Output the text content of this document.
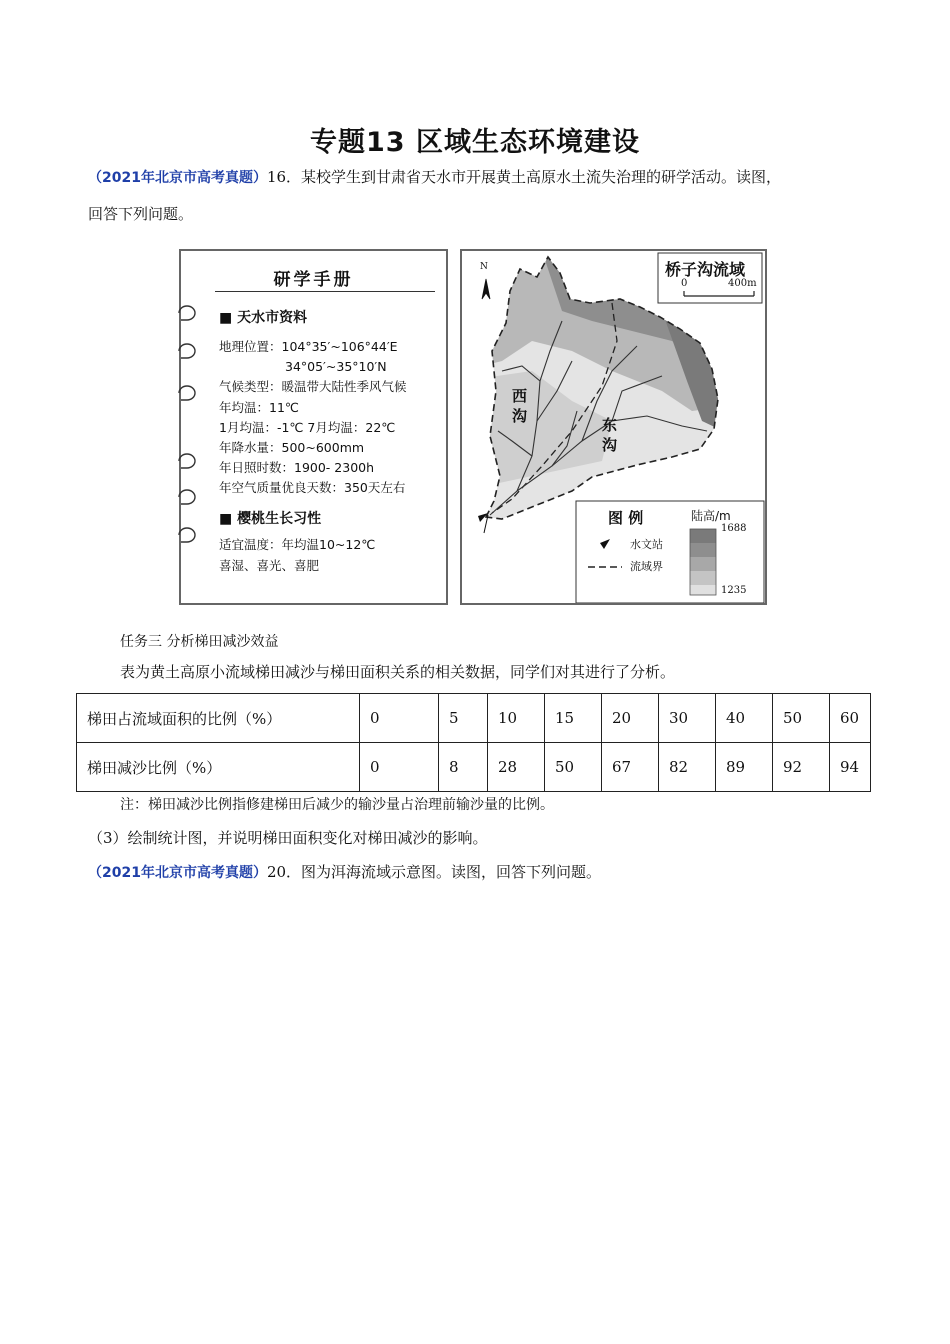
专题13 区域生态环境建设
（2021年北京市高考真题）16．某校学生到甘肃省天水市开展黄土高原水土流失治理的研学活动。读图，
回答下列问题。
研学手册
■ 天水市资料
地理位置：104°35′~106°44′E
34°05′~35°10′N
气候类型：暖温带大陆性季风气候
年均温：11℃
1月均温：-1℃ 7月均温：22℃
年降水量：500~600mm
年日照时数：1900- 2300h
年空气质量优良天数：350天左右
■ 樱桃生长习性
适宜温度：年均温10~12℃
喜湿、喜光、喜肥
桥子沟流域
N
0	400m
西
沟	东
沟
图 例	陆高/m
1688
1235
水文站
流域界
任务三 分析梯田减沙效益
表为黄土高原小流域梯田减沙与梯田面积关系的相关数据，同学们对其进行了分析。
梯田占流域面积的比例（%）	0	5	10	15	20	30	40	50	60
梯田减沙比例（%）	0	8	28	50	67	82	89	92	94
注：梯田减沙比例指修建梯田后减少的输沙量占治理前输沙量的比例。
（3）绘制统计图，并说明梯田面积变化对梯田减沙的影响。
（2021年北京市高考真题）20．图为洱海流域示意图。读图，回答下列问题。
